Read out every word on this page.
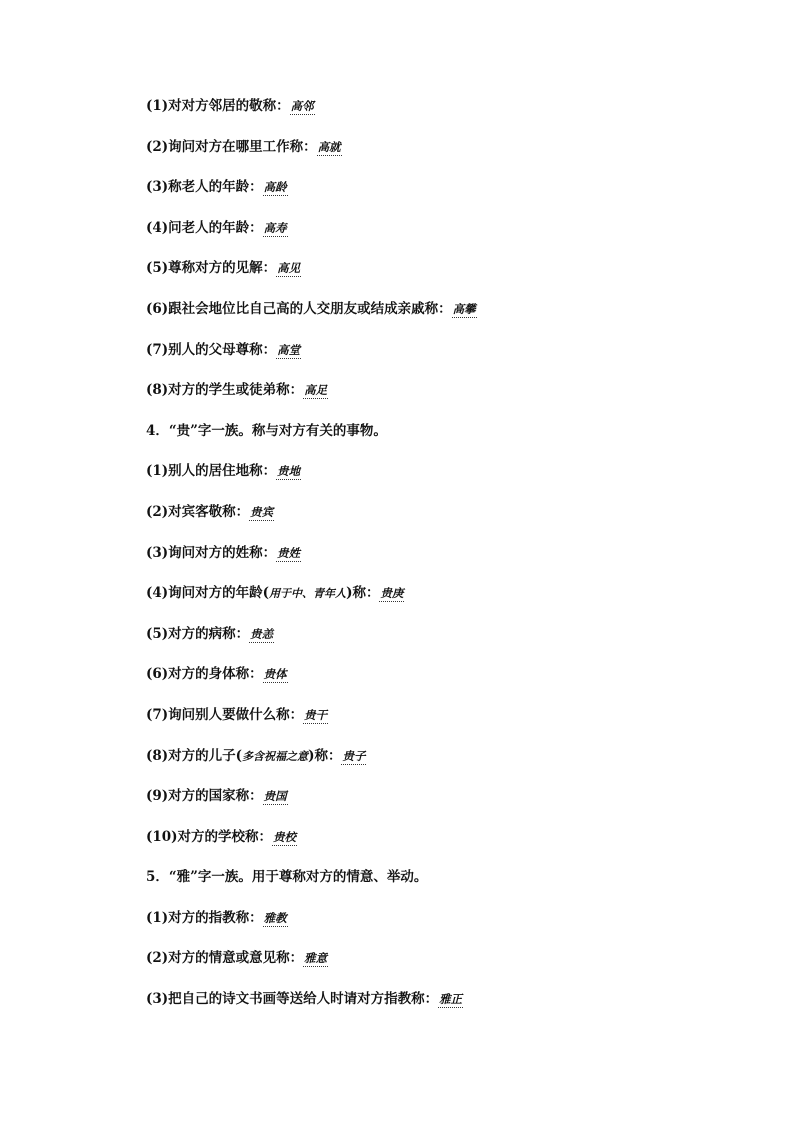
(1)对对方邻居的敬称：高邻
(2)询问对方在哪里工作称：高就
(3)称老人的年龄：高龄
(4)问老人的年龄：高寿
(5)尊称对方的见解：高见
(6)跟社会地位比自己高的人交朋友或结成亲戚称：高攀
(7)别人的父母尊称：高堂
(8)对方的学生或徒弟称：高足
4．“贵”字一族。称与对方有关的事物。
(1)别人的居住地称：贵地
(2)对宾客敬称：贵宾
(3)询问对方的姓称：贵姓
(4)询问对方的年龄(用于中、青年人)称：贵庚
(5)对方的病称：贵恙
(6)对方的身体称：贵体
(7)询问别人要做什么称：贵干
(8)对方的儿子(多含祝福之意)称：贵子
(9)对方的国家称：贵国
(10)对方的学校称：贵校
5．“雅”字一族。用于尊称对方的情意、举动。
(1)对方的指教称：雅教
(2)对方的情意或意见称：雅意
(3)把自己的诗文书画等送给人时请对方指教称：雅正
